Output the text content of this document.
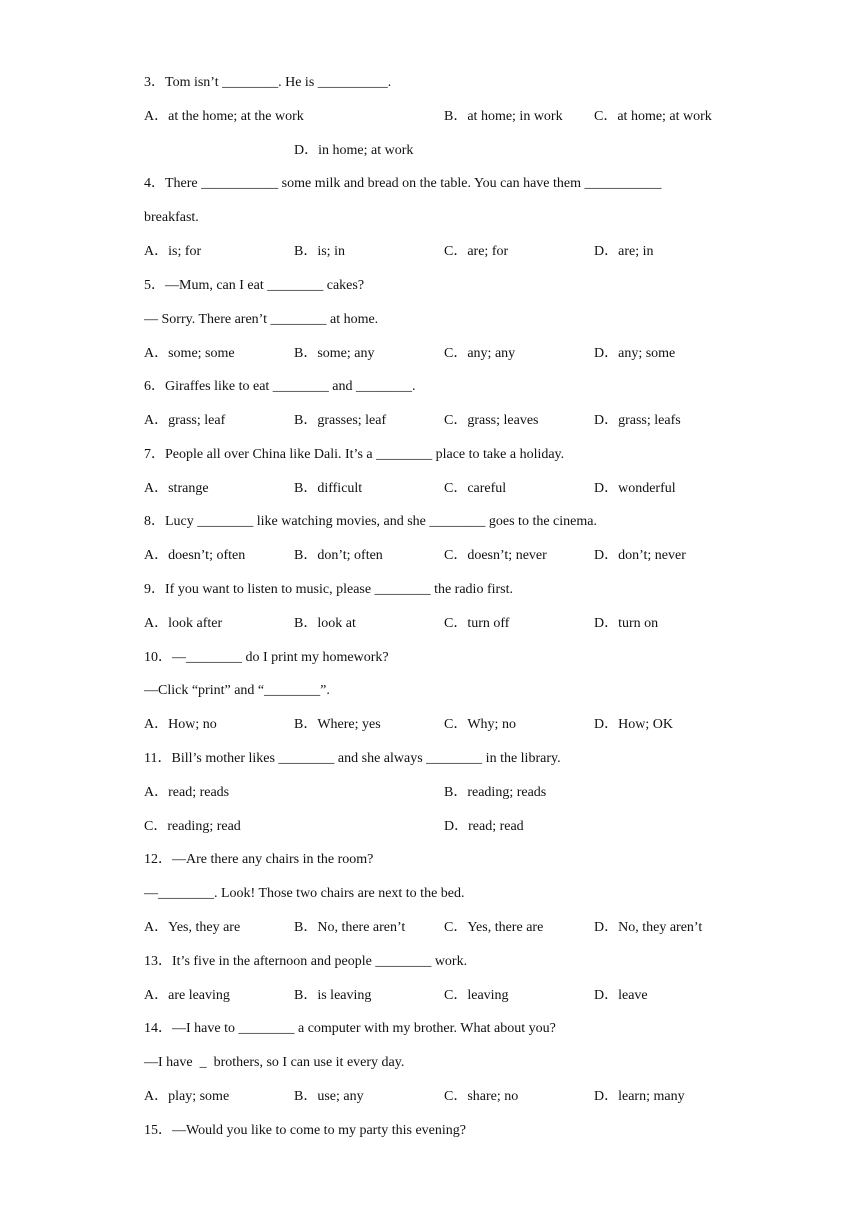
3．Tom isn’t ________. He is __________.
A．at the home; at the work	B．at home; in work C．at home; at work
D．in home; at work
4．There ___________ some milk and bread on the table. You can have them ___________
breakfast.
A．is; for	B．is; in	C．are; for	D．are; in
5．—Mum, can I eat ________ cakes?
— Sorry. There aren’t ________ at home.
A．some; some	B．some; any	C．any; any	D．any; some
6．Giraffes like to eat ________ and ________.
A．grass; leaf	B．grasses; leaf	C．grass; leaves	D．grass; leafs
7．People all over China like Dali. It’s a ________ place to take a holiday.
A．strange	B．difficult	C．careful	D．wonderful
8．Lucy ________ like watching movies, and she ________ goes to the cinema.
A．doesn’t; often	B．don’t; often	C．doesn’t; never	D．don’t; never
9．If you want to listen to music, please ________ the radio first.
A．look after	B．look at	C．turn off	D．turn on
10．—________ do I print my homework?
—Click “print” and “________”.
A．How; no	B．Where; yes	C．Why; no	D．How; OK
11．Bill’s mother likes ________ and she always ________ in the library.
A．read; reads	B．reading; reads
C．reading; read	D．read; read
12．—Are there any chairs in the room?
—________. Look! Those two chairs are next to the bed.
A．Yes, they are	B．No, there aren’t	C．Yes, there are	D．No, they aren’t
13．It’s five in the afternoon and people ________ work.
A．are leaving	B．is leaving	C．leaving	D．leave
14．—I have to ________ a computer with my brother. What about you?
—I have  _  brothers, so I can use it every day.
A．play; some	B．use; any	C．share; no	D．learn; many
15．—Would you like to come to my party this evening?
